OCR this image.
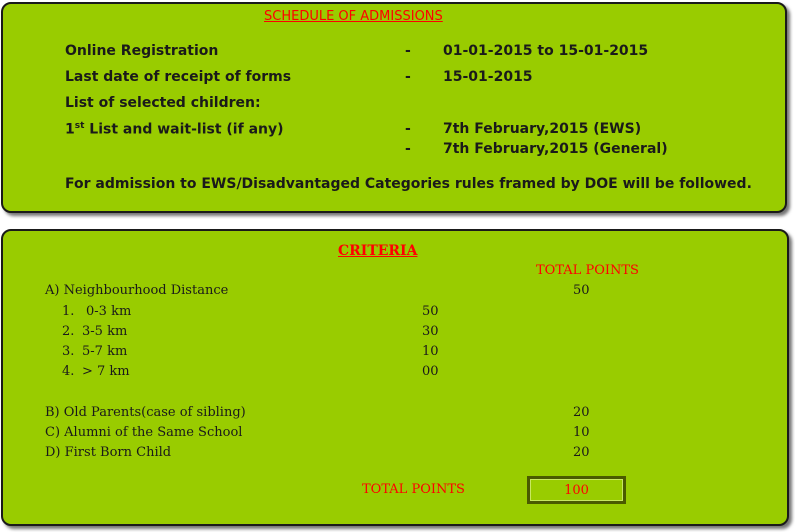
SCHEDULE OF ADMISSIONS
Online Registration	- 01-01-2015 to 15-01-2015
Last date of receipt of forms	- 15-01-2015
List of selected children:
1st List and wait-list (if any)	- 7th February,2015 (EWS)
- 7th February,2015 (General)
For admission to EWS/Disadvantaged Categories rules framed by DOE will be followed.
CRITERIA
TOTAL POINTS
A) Neighbourhood Distance	50
1. 0-3 km	50
2. 3-5 km	30
3. 5-7 km	10
4. > 7 km	00
B) Old Parents(case of sibling)	20
C) Alumni of the Same School	10
D) First Born Child	20
TOTAL POINTS	100
